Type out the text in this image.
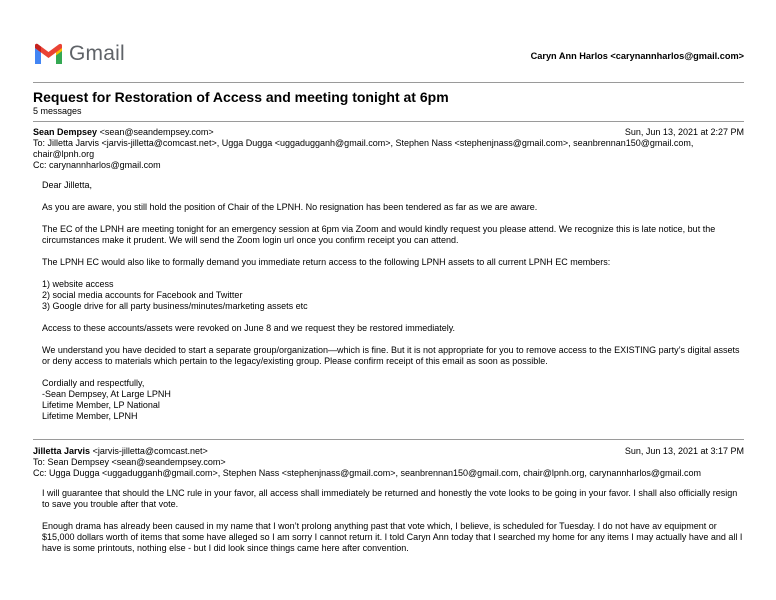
Gmail	Caryn Ann Harlos <carynannharlos@gmail.com>
Request for Restoration of Access and meeting tonight at 6pm
5 messages
Sean Dempsey <sean@seandempsey.com>	Sun, Jun 13, 2021 at 2:27 PM
To: Jilletta Jarvis <jarvis-jilletta@comcast.net>, Ugga Dugga <uggadugganh@gmail.com>, Stephen Nass <stephenjnass@gmail.com>, seanbrennan150@gmail.com,
chair@lpnh.org
Cc: carynannharlos@gmail.com

Dear Jilletta,

As you are aware, you still hold the position of Chair of the LPNH. No resignation has been tendered as far as we are aware.

The EC of the LPNH are meeting tonight for an emergency session at 6pm via Zoom and would kindly request you please attend. We recognize this is late notice, but the circumstances make it prudent. We will send the Zoom login url once you confirm receipt you can attend.

The LPNH EC would also like to formally demand you immediate return access to the following LPNH assets to all current LPNH EC members:

1) website access
2) social media accounts for Facebook and Twitter
3) Google drive for all party business/minutes/marketing assets etc

Access to these accounts/assets were revoked on June 8 and we request they be restored immediately.

We understand you have decided to start a separate group/organization—which is fine. But it is not appropriate for you to remove access to the EXISTING party’s digital assets or deny access to materials which pertain to the legacy/existing group. Please confirm receipt of this email as soon as possible.

Cordially and respectfully,
-Sean Dempsey, At Large LPNH
Lifetime Member, LP National
Lifetime Member, LPNH
Jilletta Jarvis <jarvis-jilletta@comcast.net>	Sun, Jun 13, 2021 at 3:17 PM
To: Sean Dempsey <sean@seandempsey.com>
Cc: Ugga Dugga <uggadugganh@gmail.com>, Stephen Nass <stephenjnass@gmail.com>, seanbrennan150@gmail.com, chair@lpnh.org, carynannharlos@gmail.com

I will guarantee that should the LNC rule in your favor, all access shall immediately be returned and honestly the vote looks to be going in your favor. I shall also officially resign to save you trouble after that vote.

Enough drama has already been caused in my name that I won’t prolong anything past that vote which, I believe, is scheduled for Tuesday. I do not have av equipment or $15,000 dollars worth of items that some have alleged so I am sorry I cannot return it. I told Caryn Ann today that I searched my home for any items I may actually have and all I have is some printouts, nothing else - but I did look since things came here after convention.
